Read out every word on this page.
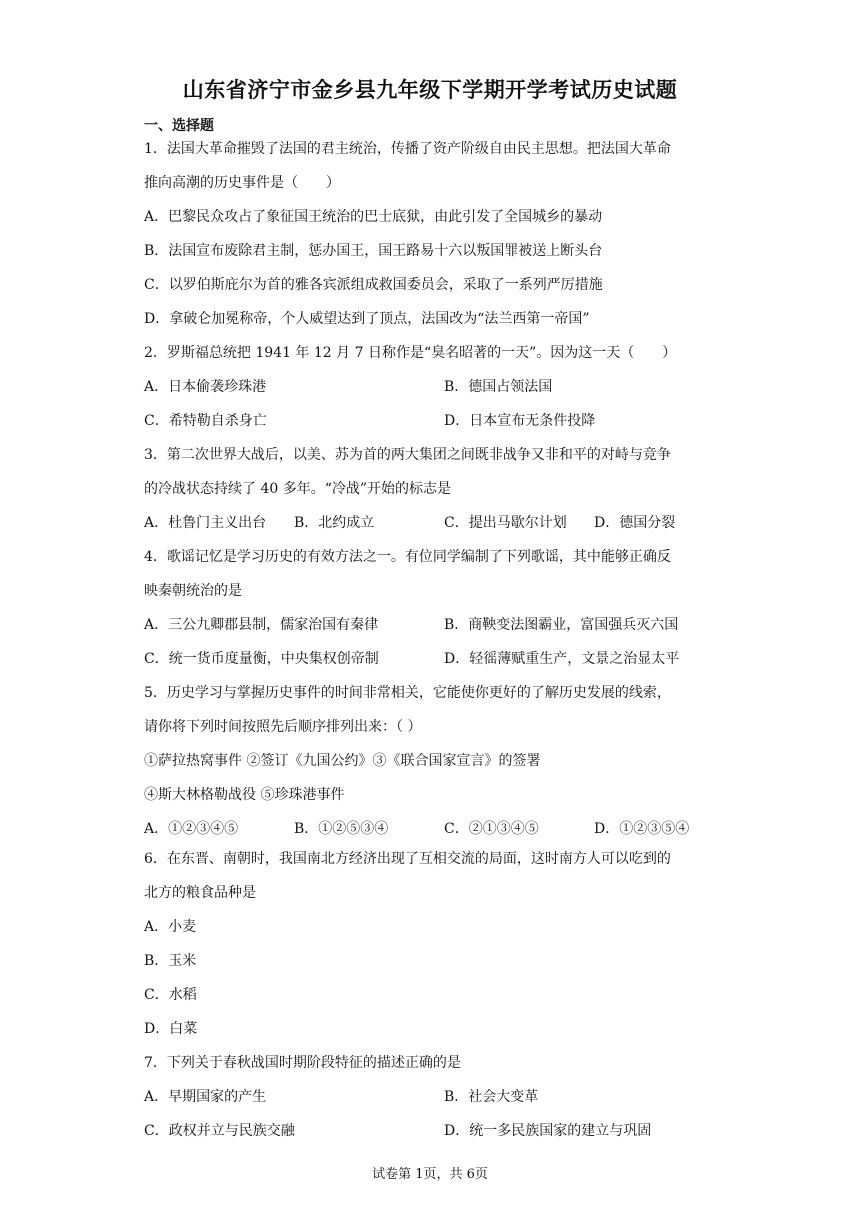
山东省济宁市金乡县九年级下学期开学考试历史试题
一、选择题
1．法国大革命摧毁了法国的君主统治，传播了资产阶级自由民主思想。把法国大革命
推向高潮的历史事件是（　　）
A．巴黎民众攻占了象征国王统治的巴士底狱，由此引发了全国城乡的暴动
B．法国宣布废除君主制，惩办国王，国王路易十六以叛国罪被送上断头台
C．以罗伯斯庇尔为首的雅各宾派组成救国委员会，采取了一系列严厉措施
D．拿破仑加冕称帝，个人威望达到了顶点，法国改为“法兰西第一帝国”
2．罗斯福总统把 1941 年 12 月 7 日称作是“臭名昭著的一天”。因为这一天（　　）
A．日本偷袭珍珠港	B．德国占领法国
C．希特勒自杀身亡	D．日本宣布无条件投降
3．第二次世界大战后，以美、苏为首的两大集团之间既非战争又非和平的对峙与竞争
的冷战状态持续了 40 多年。“冷战”开始的标志是
A．杜鲁门主义出台 B．北约成立	C．提出马歇尔计划 D．德国分裂
4．歌谣记忆是学习历史的有效方法之一。有位同学编制了下列歌谣，其中能够正确反
映秦朝统治的是
A．三公九卿郡县制，儒家治国有秦律	B．商鞅变法图霸业，富国强兵灭六国
C．统一货币度量衡，中央集权创帝制	D．轻徭薄赋重生产，文景之治显太平
5．历史学习与掌握历史事件的时间非常相关，它能使你更好的了解历史发展的线索，
请你将下列时间按照先后顺序排列出来：（ ）
①萨拉热窝事件 ②签订《九国公约》③《联合国家宣言》的签署
④斯大林格勒战役 ⑤珍珠港事件
A．①②③④⑤	B．①②⑤③④	C．②①③④⑤	D．①②③⑤④
6．在东晋、南朝时，我国南北方经济出现了互相交流的局面，这时南方人可以吃到的
北方的粮食品种是
A．小麦
B．玉米
C．水稻
D．白菜
7．下列关于春秋战国时期阶段特征的描述正确的是
A．早期国家的产生	B．社会大变革
C．政权并立与民族交融	D．统一多民族国家的建立与巩固
试卷第 1页，共 6页
